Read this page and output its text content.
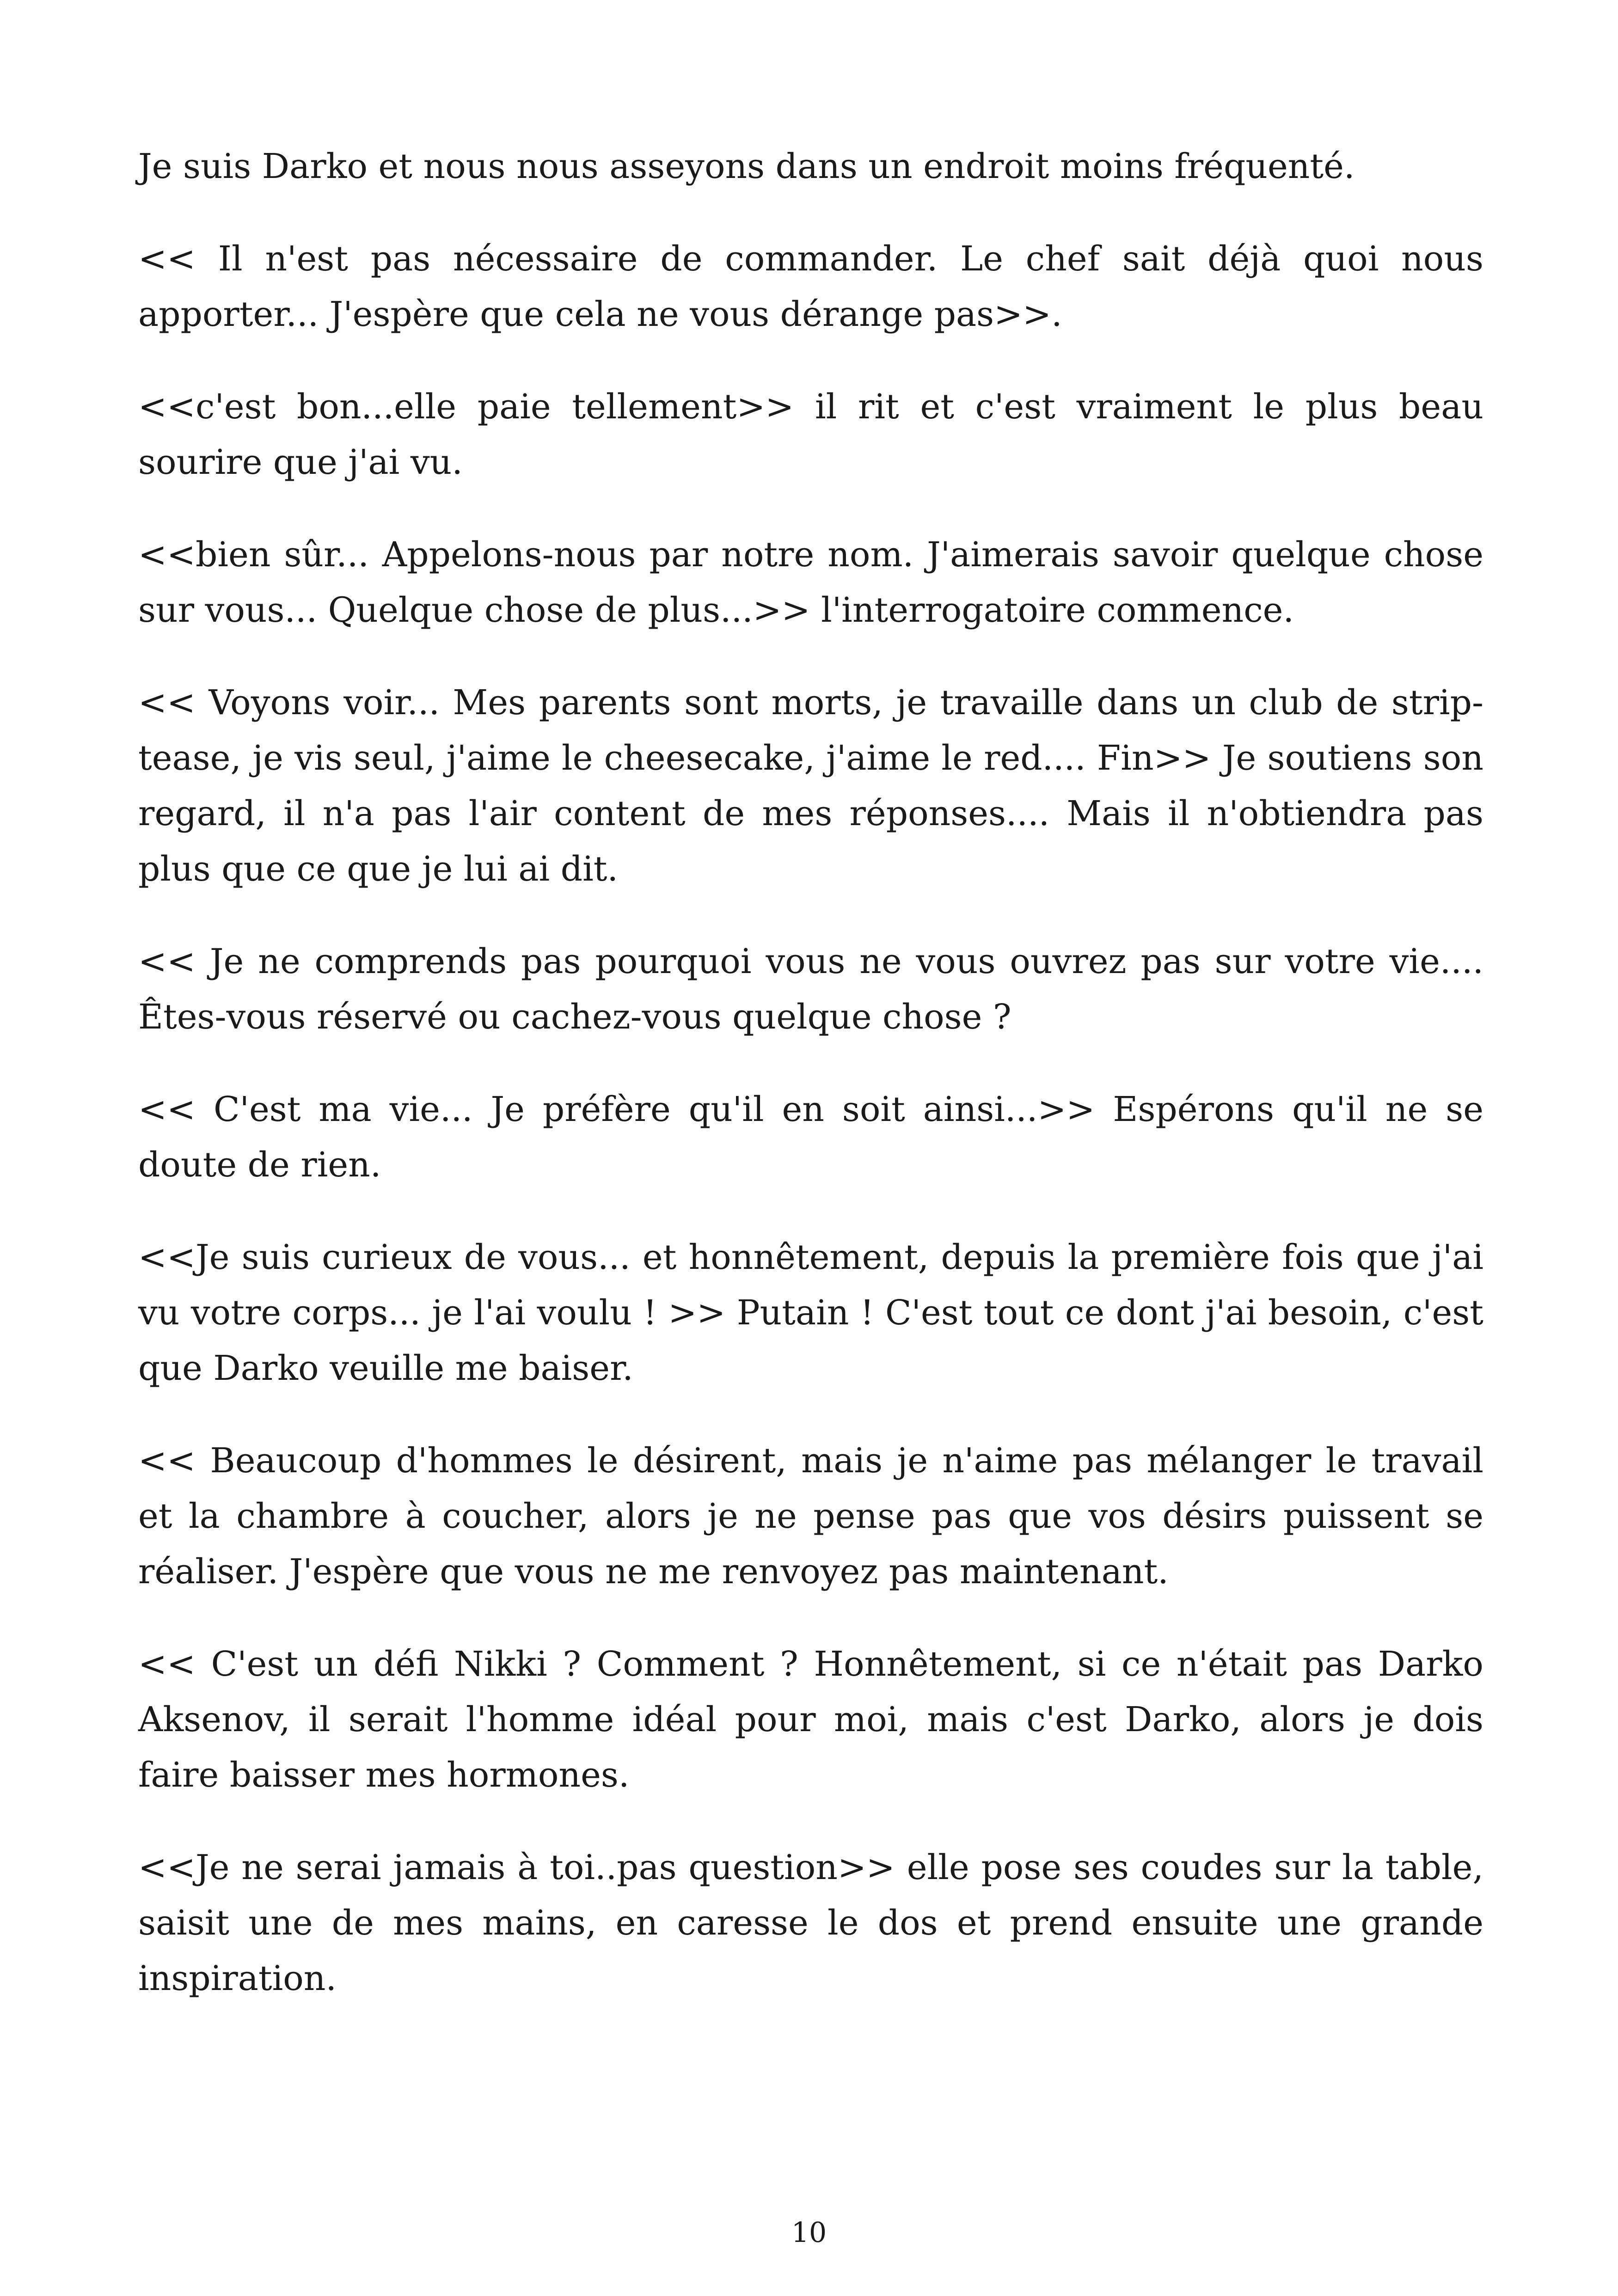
Je suis Darko et nous nous asseyons dans un endroit moins fréquenté.

<< Il n'est pas nécessaire de commander. Le chef sait déjà quoi nous apporter... J'espère que cela ne vous dérange pas>>.

<<c'est bon...elle paie tellement>> il rit et c'est vraiment le plus beau sourire que j'ai vu.

<<bien sûr... Appelons-nous par notre nom. J'aimerais savoir quelque chose sur vous... Quelque chose de plus...>> l'interrogatoire commence.

<< Voyons voir... Mes parents sont morts, je travaille dans un club de strip-tease, je vis seul, j'aime le cheesecake, j'aime le red.... Fin>> Je soutiens son regard, il n'a pas l'air content de mes réponses.... Mais il n'obtiendra pas plus que ce que je lui ai dit.

<< Je ne comprends pas pourquoi vous ne vous ouvrez pas sur votre vie.... Êtes-vous réservé ou cachez-vous quelque chose ?

<< C'est ma vie... Je préfère qu'il en soit ainsi...>> Espérons qu'il ne se doute de rien.

<<Je suis curieux de vous... et honnêtement, depuis la première fois que j'ai vu votre corps... je l'ai voulu ! >> Putain ! C'est tout ce dont j'ai besoin, c'est que Darko veuille me baiser.

<< Beaucoup d'hommes le désirent, mais je n'aime pas mélanger le travail et la chambre à coucher, alors je ne pense pas que vos désirs puissent se réaliser. J'espère que vous ne me renvoyez pas maintenant.

<< C'est un défi Nikki ? Comment ? Honnêtement, si ce n'était pas Darko Aksenov, il serait l'homme idéal pour moi, mais c'est Darko, alors je dois faire baisser mes hormones.

<<Je ne serai jamais à toi..pas question>> elle pose ses coudes sur la table, saisit une de mes mains, en caresse le dos et prend ensuite une grande inspiration.

10
